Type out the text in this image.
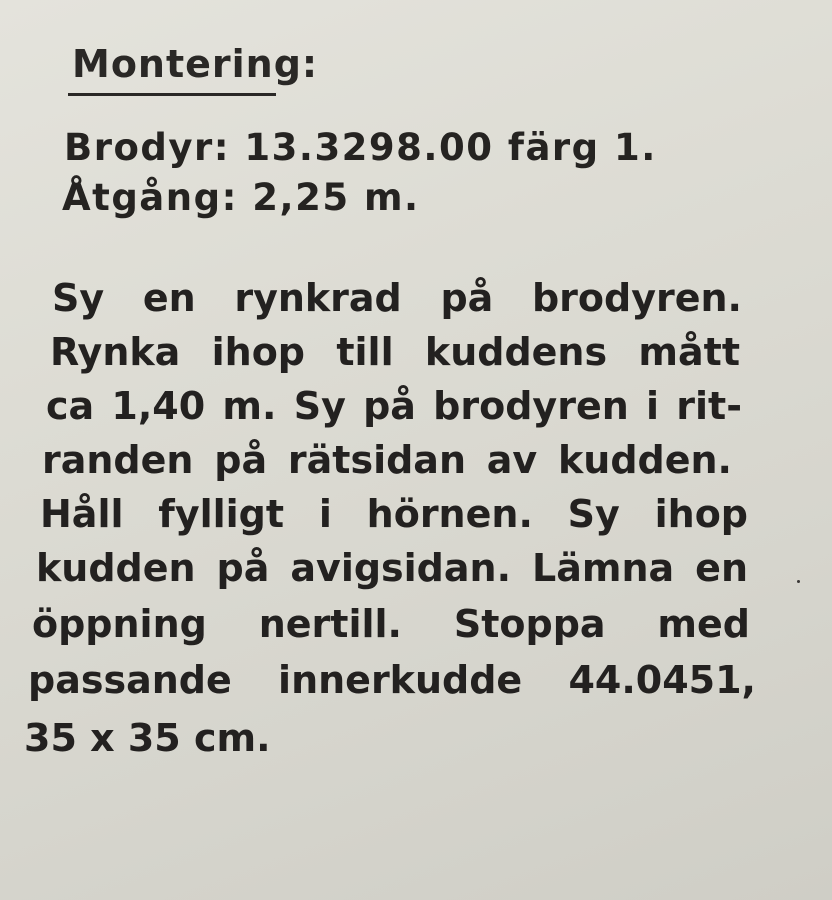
Montering:

Brodyr: 13.3298.00 färg 1.

Åtgång: 2,25 m.

Sy en rynkrad på brodyren.

Rynka ihop till kuddens mått

ca 1,40 m. Sy på brodyren i rit-

randen på rätsidan av kudden.

Håll fylligt i hörnen. Sy ihop

kudden på avigsidan. Lämna en

öppning nertill. Stoppa med

passande innerkudde 44.0451,

35 x 35 cm.
